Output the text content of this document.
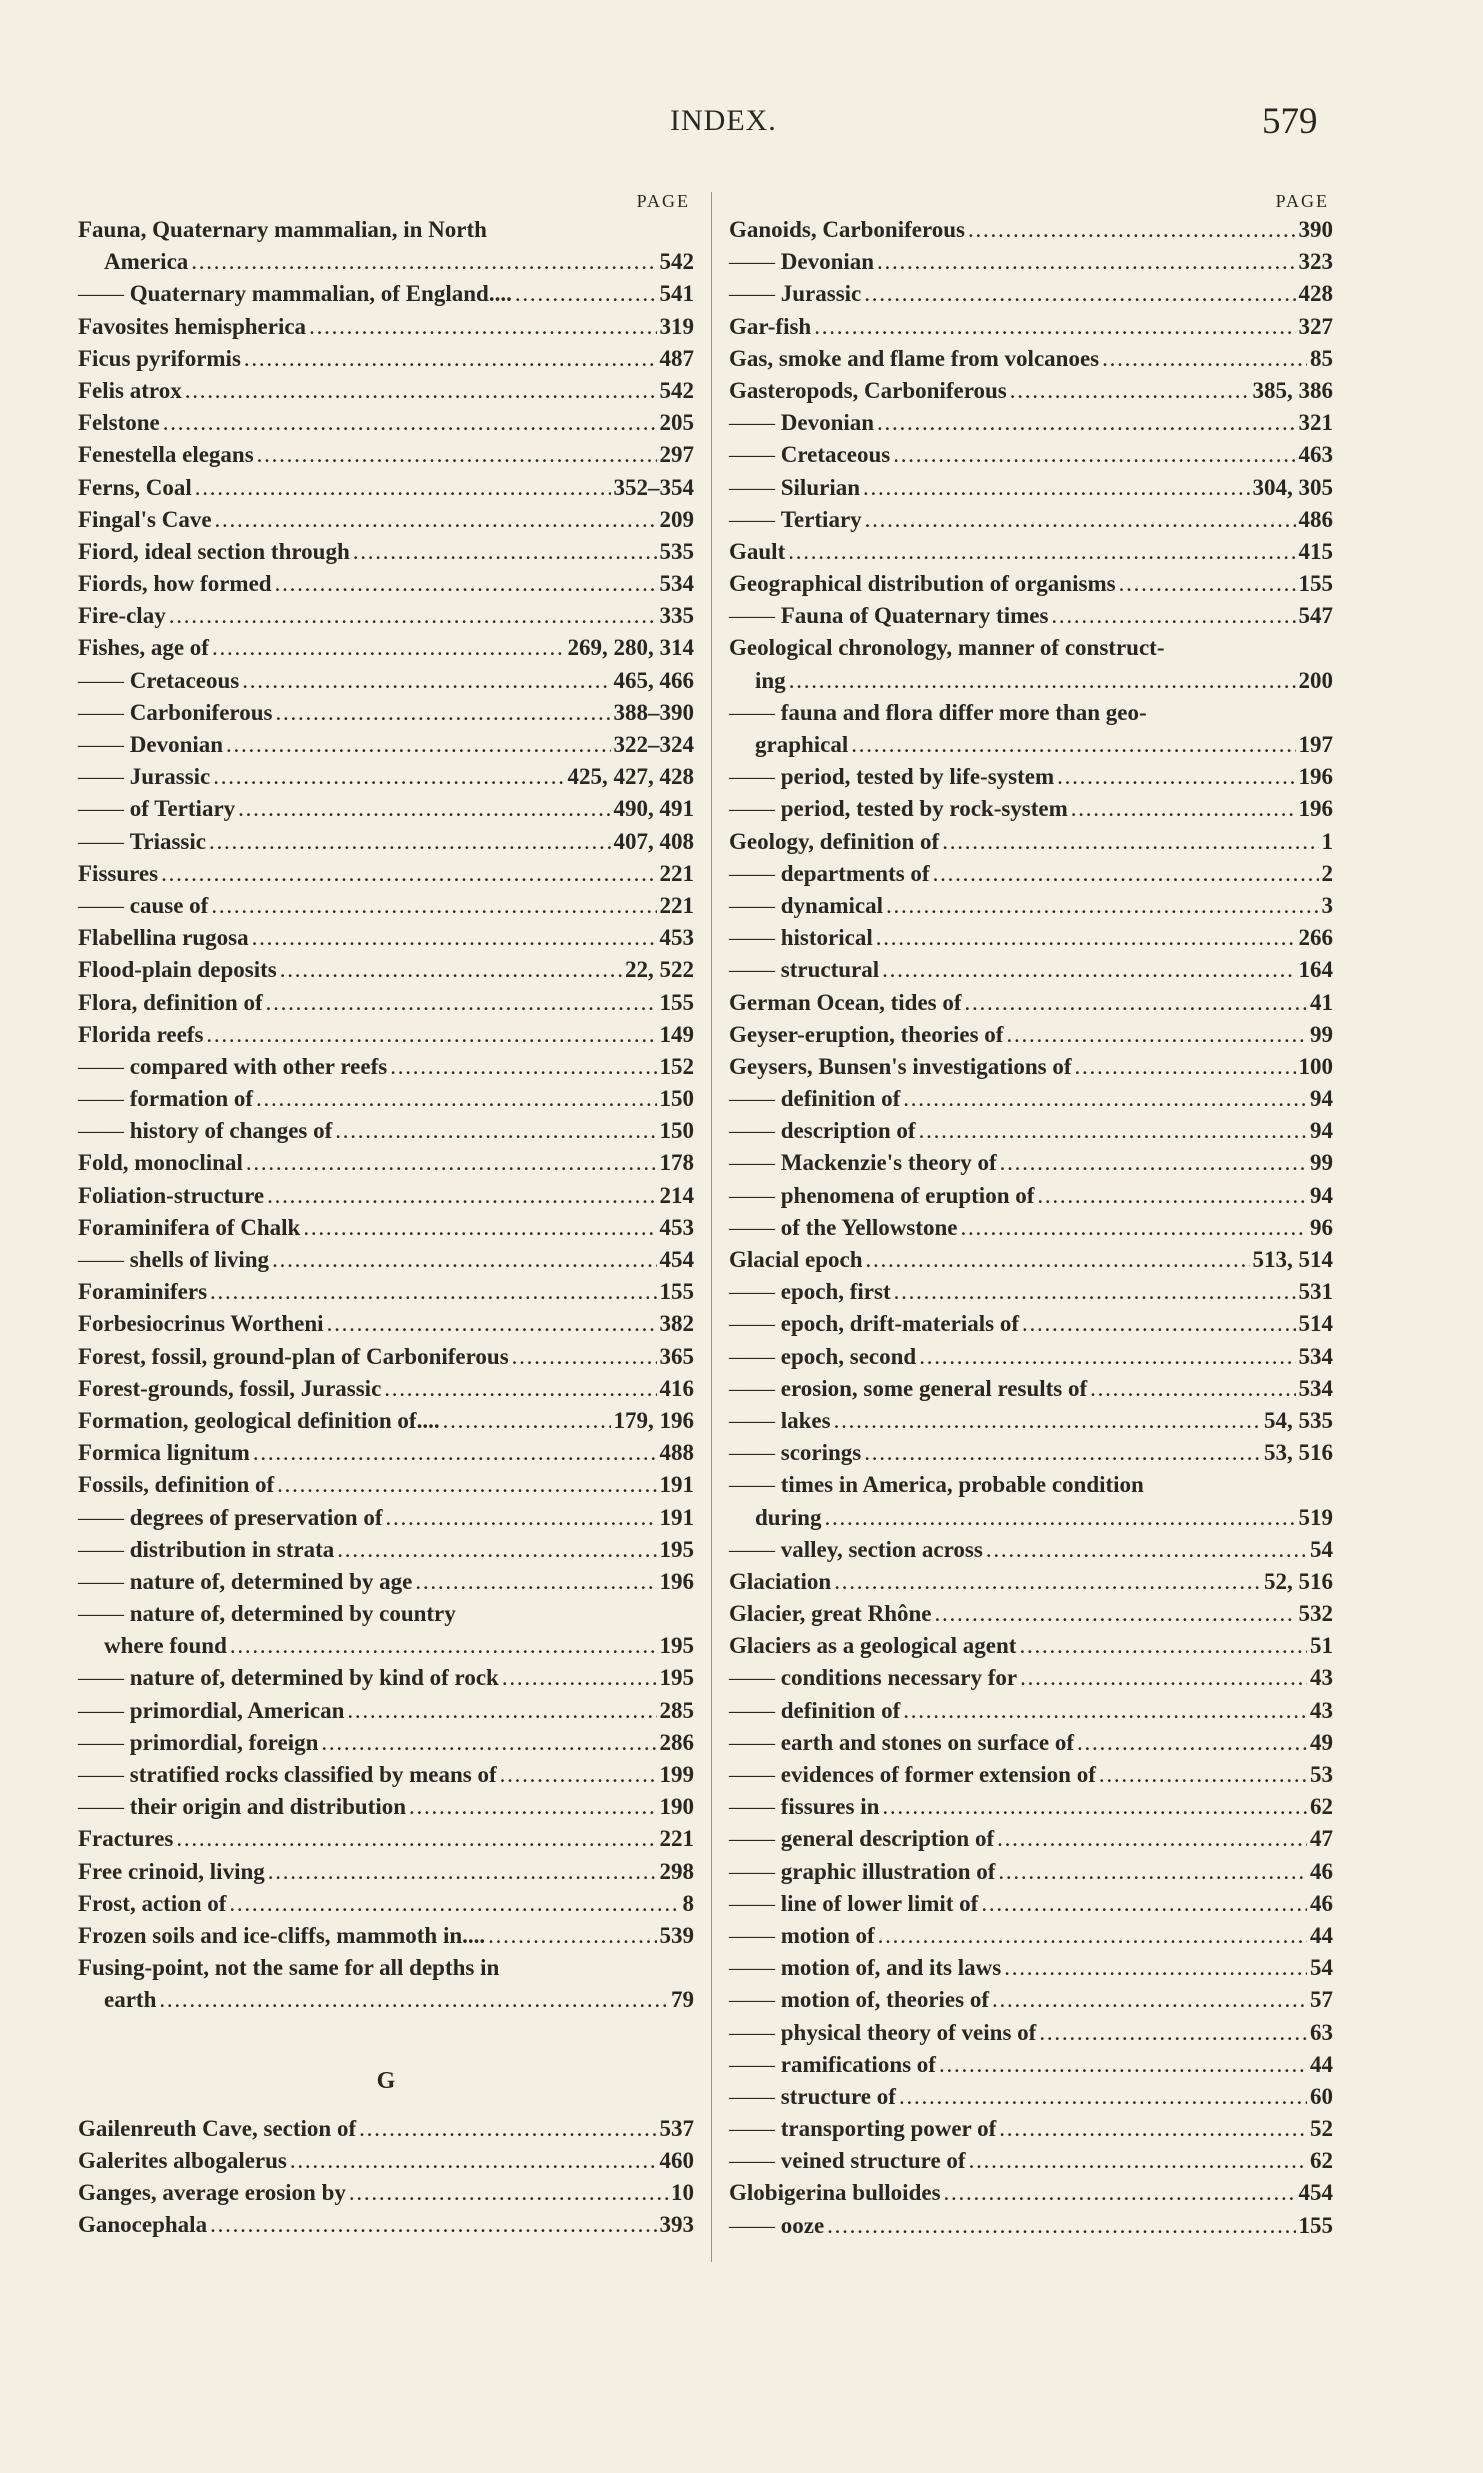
INDEX.	579
PAGE
Fauna, Quaternary mammalian, in North
America . . .	542
—— Quaternary mammalian, of England.... . . .	541
Favosites hemispherica . . .	319
Ficus pyriformis . . .	487
Felis atrox . . .	542
Felstone . . .	205
Fenestella elegans . . .	297
Ferns, Coal . . .	352–354
Fingal's Cave . . .	209
Fiord, ideal section through . . .	535
Fiords, how formed . . .	534
Fire-clay . . .	335
Fishes, age of . . .	269, 280, 314
—— Cretaceous . . .	465, 466
—— Carboniferous . . .	388–390
—— Devonian . . .	322–324
—— Jurassic . . .	425, 427, 428
—— of Tertiary . . .	490, 491
—— Triassic . . .	407, 408
Fissures . . .	221
—— cause of . . .	221
Flabellina rugosa . . .	453
Flood-plain deposits . . .	22, 522
Flora, definition of . . .	155
Florida reefs . . .	149
—— compared with other reefs . . .	152
—— formation of . . .	150
—— history of changes of . . .	150
Fold, monoclinal . . .	178
Foliation-structure . . .	214
Foraminifera of Chalk . . .	453
—— shells of living . . .	454
Foraminifers . . .	155
Forbesiocrinus Wortheni . . .	382
Forest, fossil, ground-plan of Carboniferous . . .	365
Forest-grounds, fossil, Jurassic . . .	416
Formation, geological definition of.... . . .	179, 196
Formica lignitum . . .	488
Fossils, definition of . . .	191
—— degrees of preservation of . . .	191
—— distribution in strata . . .	195
—— nature of, determined by age . . .	196
—— nature of, determined by country
where found . . .	195
—— nature of, determined by kind of rock . . .	195
—— primordial, American . . .	285
—— primordial, foreign . . .	286
—— stratified rocks classified by means of . . .	199
—— their origin and distribution . . .	190
Fractures . . .	221
Free crinoid, living . . .	298
Frost, action of . . .	8
Frozen soils and ice-cliffs, mammoth in.... . . .	539
Fusing-point, not the same for all depths in
earth . . .	79
G
Gailenreuth Cave, section of . . .	537
Galerites albogalerus . . .	460
Ganges, average erosion by . . .	10
Ganocephala . . .	393
PAGE
Ganoids, Carboniferous . . .	390
—— Devonian . . .	323
—— Jurassic . . .	428
Gar-fish . . .	327
Gas, smoke and flame from volcanoes . . .	85
Gasteropods, Carboniferous . . .	385, 386
—— Devonian . . .	321
—— Cretaceous . . .	463
—— Silurian . . .	304, 305
—— Tertiary . . .	486
Gault . . .	415
Geographical distribution of organisms . . .	155
—— Fauna of Quaternary times . . .	547
Geological chronology, manner of construct-
ing . . .	200
—— fauna and flora differ more than geo-
graphical . . .	197
—— period, tested by life-system . . .	196
—— period, tested by rock-system . . .	196
Geology, definition of . . .	1
—— departments of . . .	2
—— dynamical . . .	3
—— historical . . .	266
—— structural . . .	164
German Ocean, tides of . . .	41
Geyser-eruption, theories of . . .	99
Geysers, Bunsen's investigations of . . .	100
—— definition of . . .	94
—— description of . . .	94
—— Mackenzie's theory of . . .	99
—— phenomena of eruption of . . .	94
—— of the Yellowstone . . .	96
Glacial epoch . . .	513, 514
—— epoch, first . . .	531
—— epoch, drift-materials of . . .	514
—— epoch, second . . .	534
—— erosion, some general results of . . .	534
—— lakes . . .	54, 535
—— scorings . . .	53, 516
—— times in America, probable condition
during . . .	519
—— valley, section across . . .	54
Glaciation . . .	52, 516
Glacier, great Rhône . . .	532
Glaciers as a geological agent . . .	51
—— conditions necessary for . . .	43
—— definition of . . .	43
—— earth and stones on surface of . . .	49
—— evidences of former extension of . . .	53
—— fissures in . . .	62
—— general description of . . .	47
—— graphic illustration of . . .	46
—— line of lower limit of . . .	46
—— motion of . . .	44
—— motion of, and its laws . . .	54
—— motion of, theories of . . .	57
—— physical theory of veins of . . .	63
—— ramifications of . . .	44
—— structure of . . .	60
—— transporting power of . . .	52
—— veined structure of . . .	62
Globigerina bulloides . . .	454
—— ooze . . .	155
